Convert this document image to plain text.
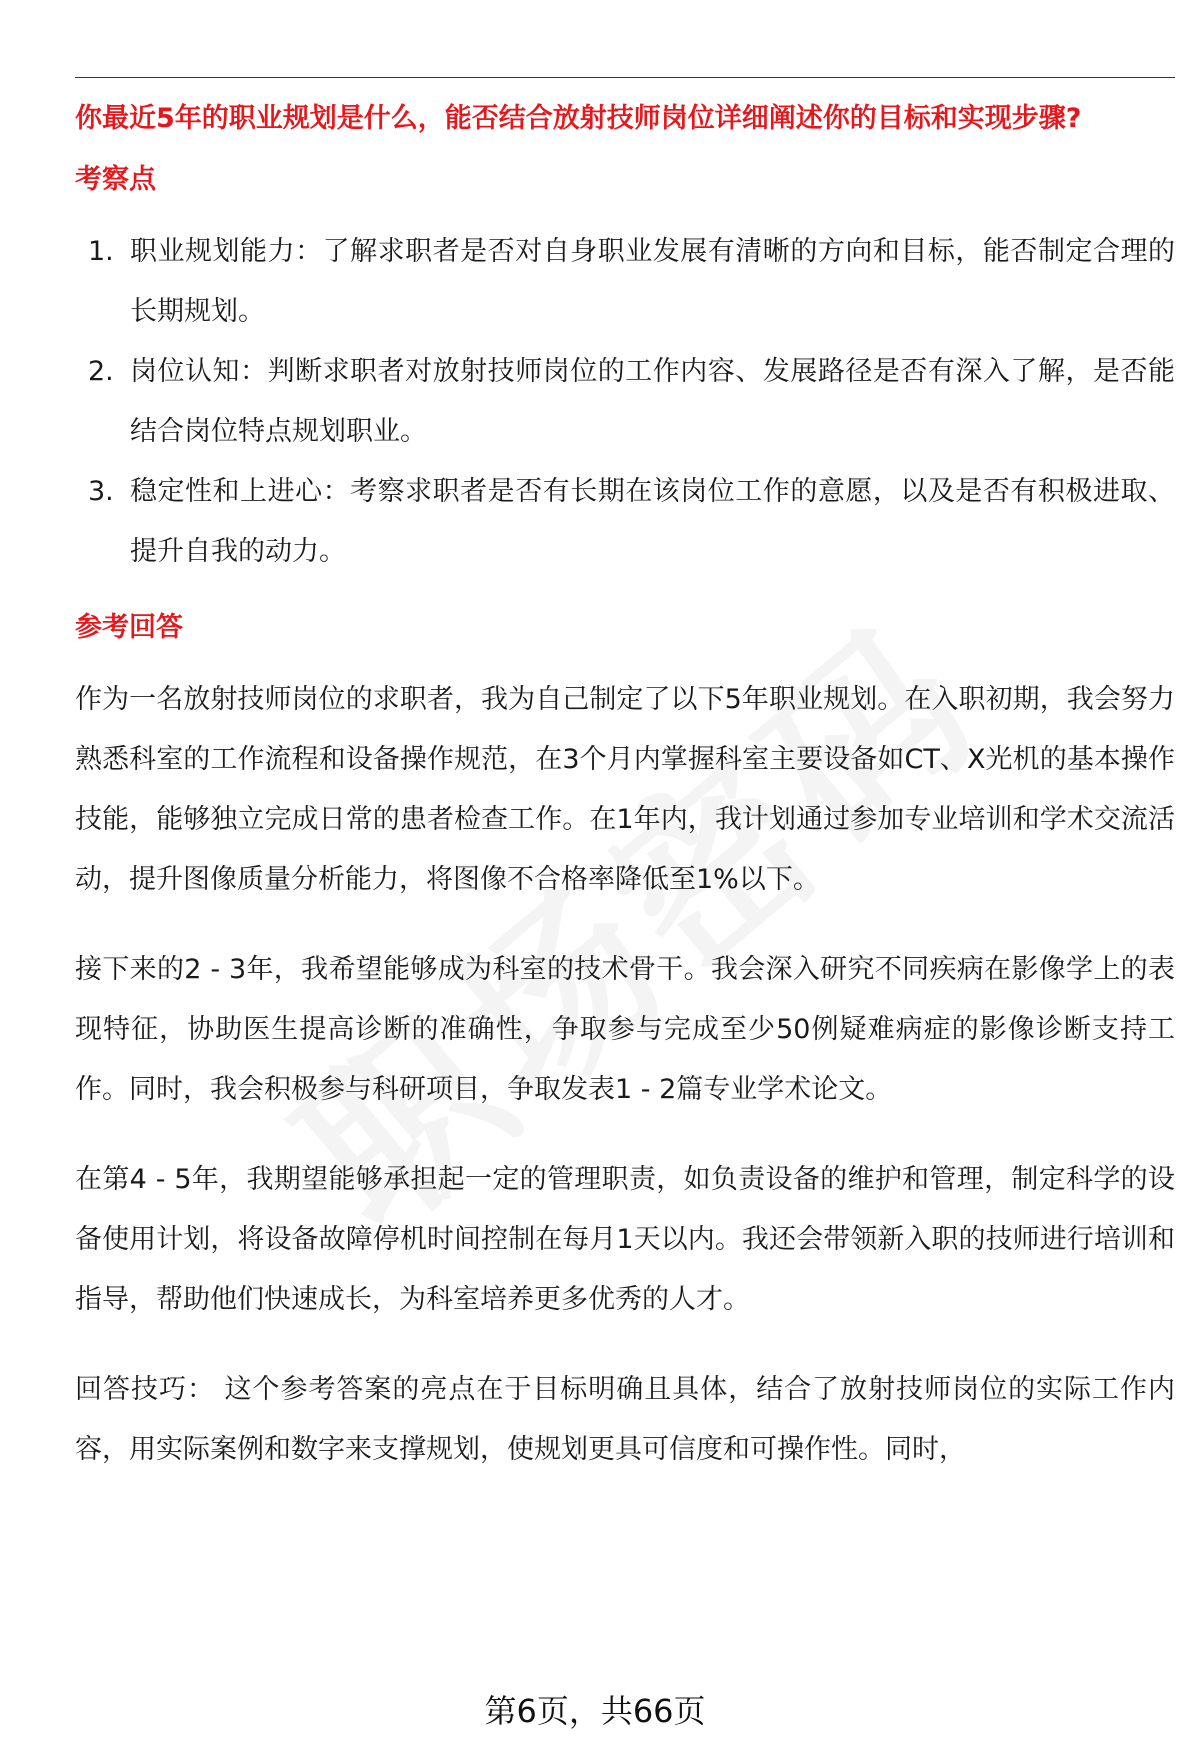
你最近5年的职业规划是什么，能否结合放射技师岗位详细阐述你的目标和实现步骤?
考察点
1. 职业规划能力：了解求职者是否对自身职业发展有清晰的方向和目标，能否制定合理的长期规划。
2. 岗位认知：判断求职者对放射技师岗位的工作内容、发展路径是否有深入了解，是否能结合岗位特点规划职业。
3. 稳定性和上进心：考察求职者是否有长期在该岗位工作的意愿，以及是否有积极进取、提升自我的动力。
参考回答

作为一名放射技师岗位的求职者，我为自己制定了以下5年职业规划。在入职初期，我会努力熟悉科室的工作流程和设备操作规范，在3个月内掌握科室主要设备如CT、X光机的基本操作技能，能够独立完成日常的患者检查工作。在1年内，我计划通过参加专业培训和学术交流活动，提升图像质量分析能力，将图像不合格率降低至1%以下。

接下来的2 - 3年，我希望能够成为科室的技术骨干。我会深入研究不同疾病在影像学上的表现特征，协助医生提高诊断的准确性，争取参与完成至少50例疑难病症的影像诊断支持工作。同时，我会积极参与科研项目，争取发表1 - 2篇专业学术论文。

在第4 - 5年，我期望能够承担起一定的管理职责，如负责设备的维护和管理，制定科学的设备使用计划，将设备故障停机时间控制在每月1天以内。我还会带领新入职的技师进行培训和指导，帮助他们快速成长，为科室培养更多优秀的人才。

回答技巧： 这个参考答案的亮点在于目标明确且具体，结合了放射技师岗位的实际工作内容，用实际案例和数字来支撑规划，使规划更具可信度和可操作性。同时，

第6页，共66页
